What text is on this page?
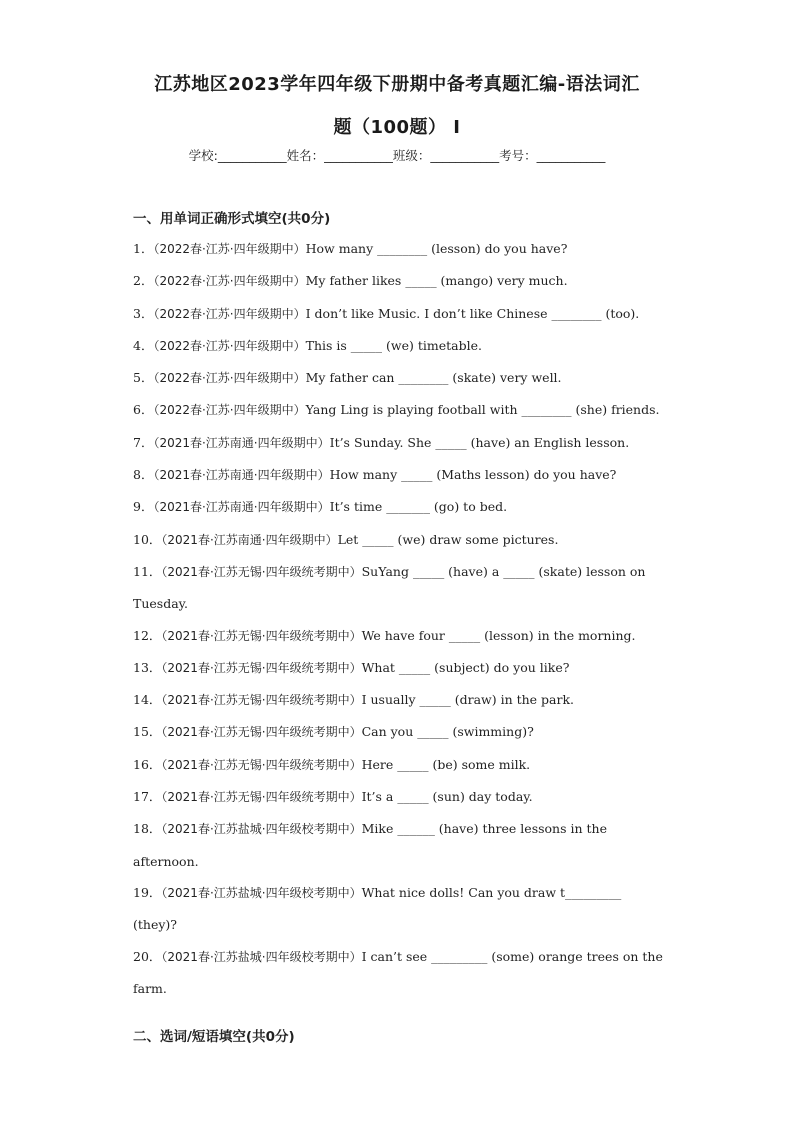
江苏地区2023学年四年级下册期中备考真题汇编-语法词汇
题（100题） I
学校:___________姓名：___________班级：___________考号：___________
一、用单词正确形式填空(共0分)
1．（2022春·江苏·四年级期中）How many ________ (lesson) do you have?
2．（2022春·江苏·四年级期中）My father likes _____ (mango) very much.
3．（2022春·江苏·四年级期中）I don’t like Music. I don’t like Chinese ________ (too).
4．（2022春·江苏·四年级期中）This is _____ (we) timetable.
5．（2022春·江苏·四年级期中）My father can ________ (skate) very well.
6．（2022春·江苏·四年级期中）Yang Ling is playing football with ________ (she) friends.
7．（2021春·江苏南通·四年级期中）It’s Sunday. She _____ (have) an English lesson.
8．（2021春·江苏南通·四年级期中）How many _____ (Maths lesson) do you have?
9．（2021春·江苏南通·四年级期中）It’s time _______ (go) to bed.
10．（2021春·江苏南通·四年级期中）Let _____ (we) draw some pictures.
11．（2021春·江苏无锡·四年级统考期中）SuYang _____ (have) a _____ (skate) lesson on Tuesday.
12．（2021春·江苏无锡·四年级统考期中）We have four _____ (lesson) in the morning.
13．（2021春·江苏无锡·四年级统考期中）What _____ (subject) do you like?
14．（2021春·江苏无锡·四年级统考期中）I usually _____ (draw) in the park.
15．（2021春·江苏无锡·四年级统考期中）Can you _____ (swimming)?
16．（2021春·江苏无锡·四年级统考期中）Here _____ (be) some milk.
17．（2021春·江苏无锡·四年级统考期中）It’s a _____ (sun) day today.
18．（2021春·江苏盐城·四年级校考期中）Mike ______ (have) three lessons in the afternoon.
19．（2021春·江苏盐城·四年级校考期中）What nice dolls! Can you draw t_________ (they)?
20．（2021春·江苏盐城·四年级校考期中）I can’t see _________ (some) orange trees on the farm.
二、选词/短语填空(共0分)
